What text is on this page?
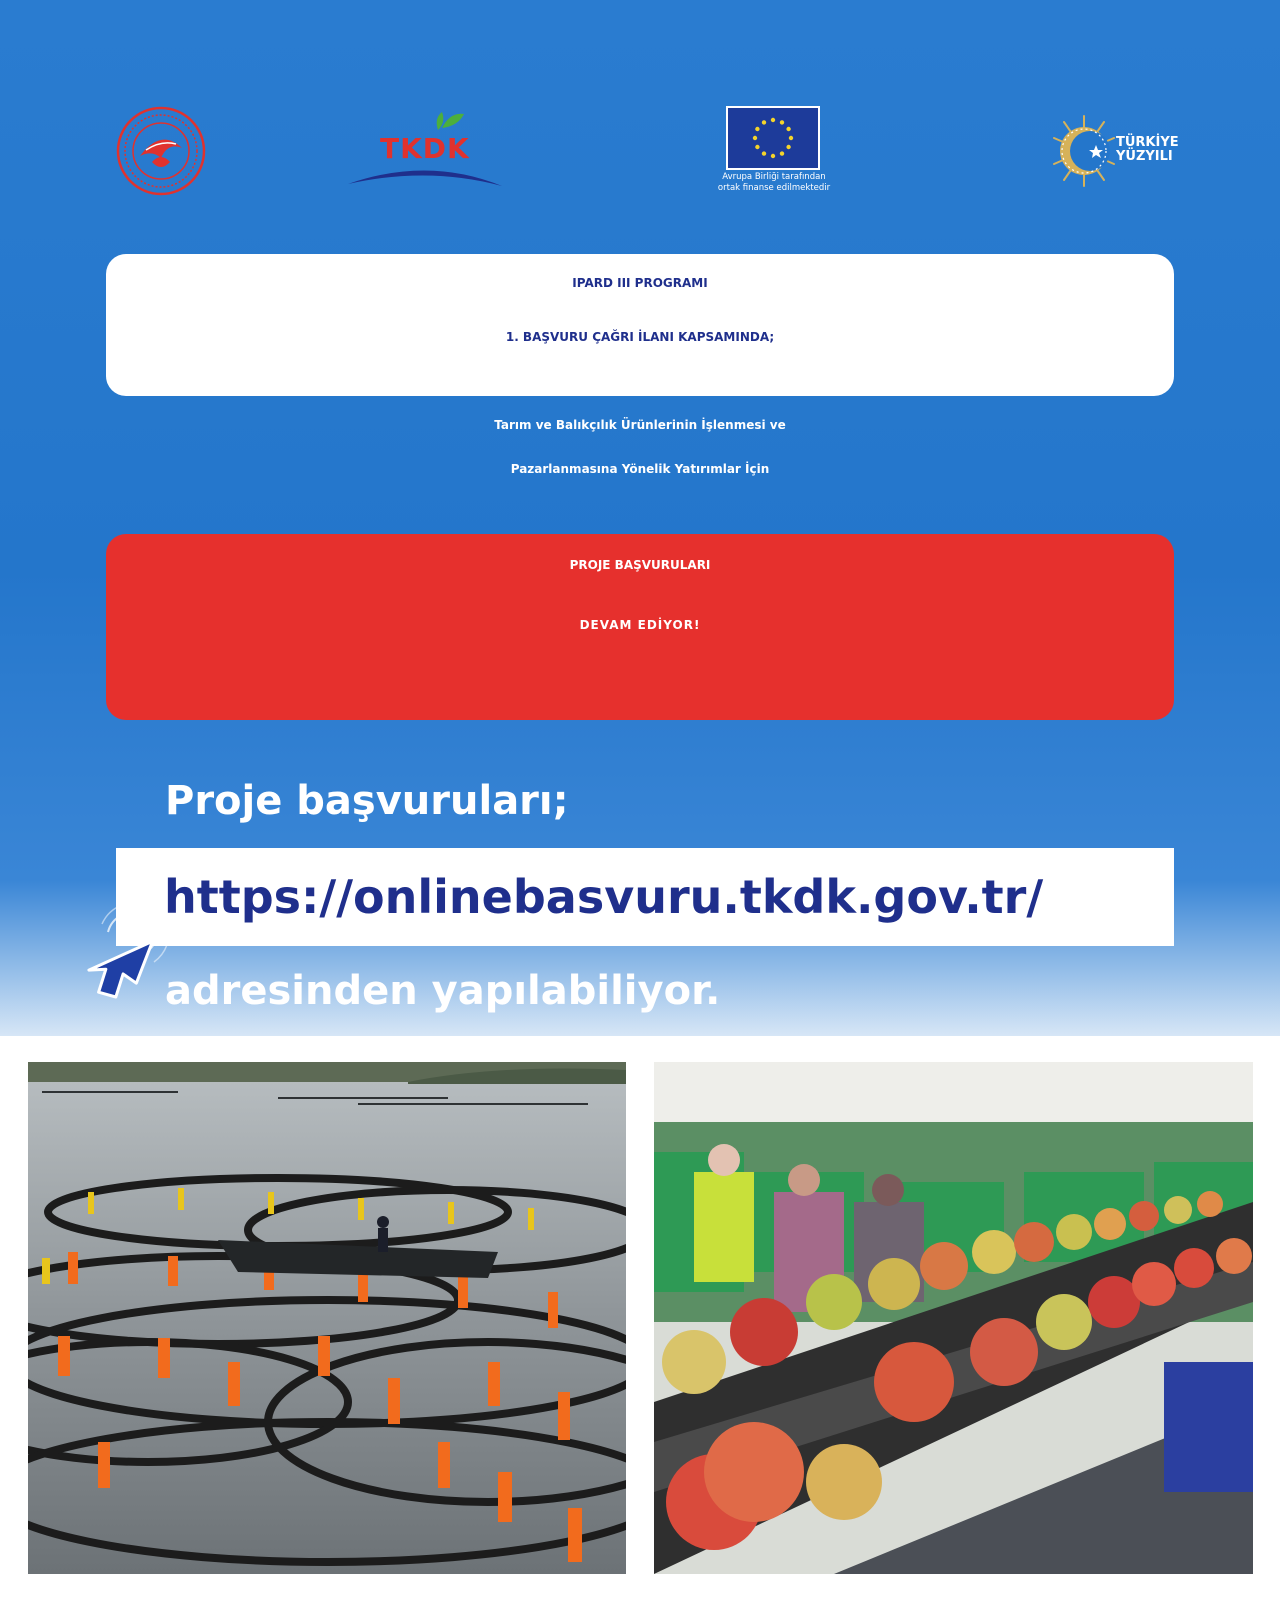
TKDK
Avrupa Birliği tarafından
ortak finanse edilmektedir
TÜRKİYE
YÜZYILI
IPARD III PROGRAMI
1. BAŞVURU ÇAĞRI İLANI KAPSAMINDA;
Tarım ve Balıkçılık Ürünlerinin İşlenmesi ve
Pazarlanmasına Yönelik Yatırımlar İçin
PROJE BAŞVURULARI
DEVAM EDİYOR!
Proje başvuruları;
https://onlinebasvuru.tkdk.gov.tr/
adresinden yapılabiliyor.
